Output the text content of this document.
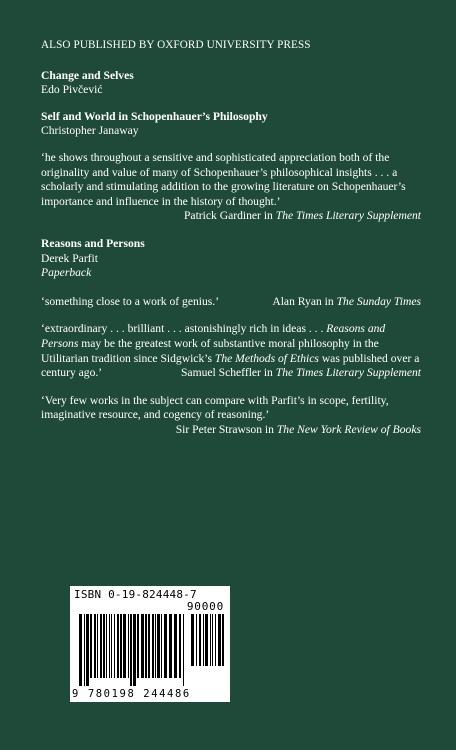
ALSO PUBLISHED BY OXFORD UNIVERSITY PRESS
Change and Selves
Edo Pivčević
Self and World in Schopenhauer’s Philosophy
Christopher Janaway
‘he shows throughout a sensitive and sophisticated appreciation both of the originality and value of many of Schopenhauer’s philosophical insights . . . a scholarly and stimulating addition to the growing literature on Schopenhauer’s importance and influence in the history of thought.’
Patrick Gardiner in The Times Literary Supplement
Reasons and Persons
Derek Parfit
Paperback
‘something close to a work of genius.’	Alan Ryan in The Sunday Times
‘extraordinary . . . brilliant . . . astonishingly rich in ideas . . . Reasons and Persons may be the greatest work of substantive moral philosophy in the Utilitarian tradition since Sidgwick’s The Methods of Ethics was published over a century ago.’	Samuel Scheffler in The Times Literary Supplement
‘Very few works in the subject can compare with Parfit’s in scope, fertility, imaginative resource, and cogency of reasoning.’
Sir Peter Strawson in The New York Review of Books
ISBN 0-19-824448-7
90000
9 780198 244486
